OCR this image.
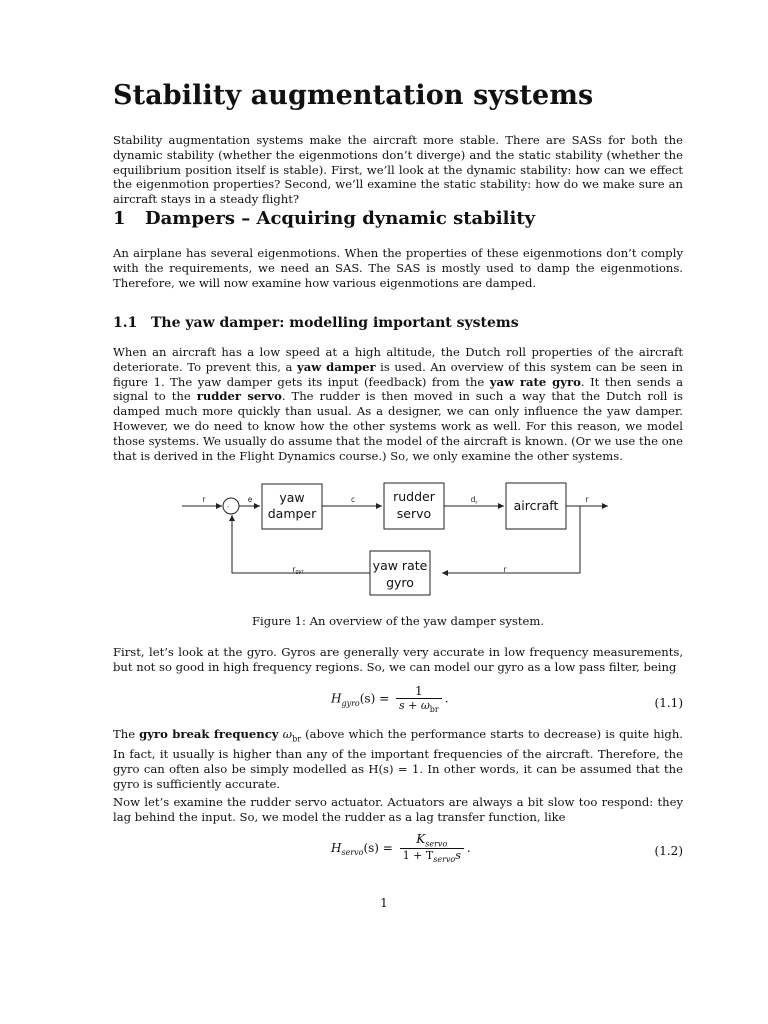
Stability augmentation systems

Stability augmentation systems make the aircraft more stable. There are SASs for both the dynamic stability (whether the eigenmotions don’t diverge) and the static stability (whether the equilibrium position itself is stable). First, we’ll look at the dynamic stability: how can we effect the eigenmotion properties? Second, we’ll examine the static stability: how do we make sure an aircraft stays in a steady flight?

1 Dampers – Acquiring dynamic stability

An airplane has several eigenmotions. When the properties of these eigenmotions don’t comply with the requirements, we need an SAS. The SAS is mostly used to damp the eigenmotions. Therefore, we will now examine how various eigenmotions are damped.

1.1 The yaw damper: modelling important systems

When an aircraft has a low speed at a high altitude, the Dutch roll properties of the aircraft deteriorate. To prevent this, a yaw damper is used. An overview of this system can be seen in figure 1. The yaw damper gets its input (feedback) from the yaw rate gyro. It then sends a signal to the rudder servo. The rudder is then moved in such a way that the Dutch roll is damped much more quickly than usual. As a designer, we can only influence the yaw damper. However, we do need to know how the other systems work as well. For this reason, we model those systems. We usually do assume that the model of the aircraft is known. (Or we use the one that is derived in the Flight Dynamics course.) So, we only examine the other systems.

yaw
damper
rudder
servo
aircraft
yaw rate
gyro
r	e	c	$d_r$	r
r
rgyr
-

Figure 1: An overview of the yaw damper system.

First, let’s look at the gyro. Gyros are generally very accurate in low frequency measurements, but not so good in high frequency regions. So, we can model our gyro as a low pass filter, being

$H_{gyro}(s) = \frac{1}{s + \omega_{br}}$ .	(1.1)

The gyro break frequency $\omega_{br}$ (above which the performance starts to decrease) is quite high. In fact, it usually is higher than any of the important frequencies of the aircraft. Therefore, the gyro can often also be simply modelled as H(s) = 1. In other words, it can be assumed that the gyro is sufficiently accurate.

Now let’s examine the rudder servo actuator. Actuators are always a bit slow too respond: they lag behind the input. So, we model the rudder as a lag transfer function, like

$H_{servo}(s) = \frac{K_{servo}}{1 + T_{servo}s}$ .	(1.2)

1
